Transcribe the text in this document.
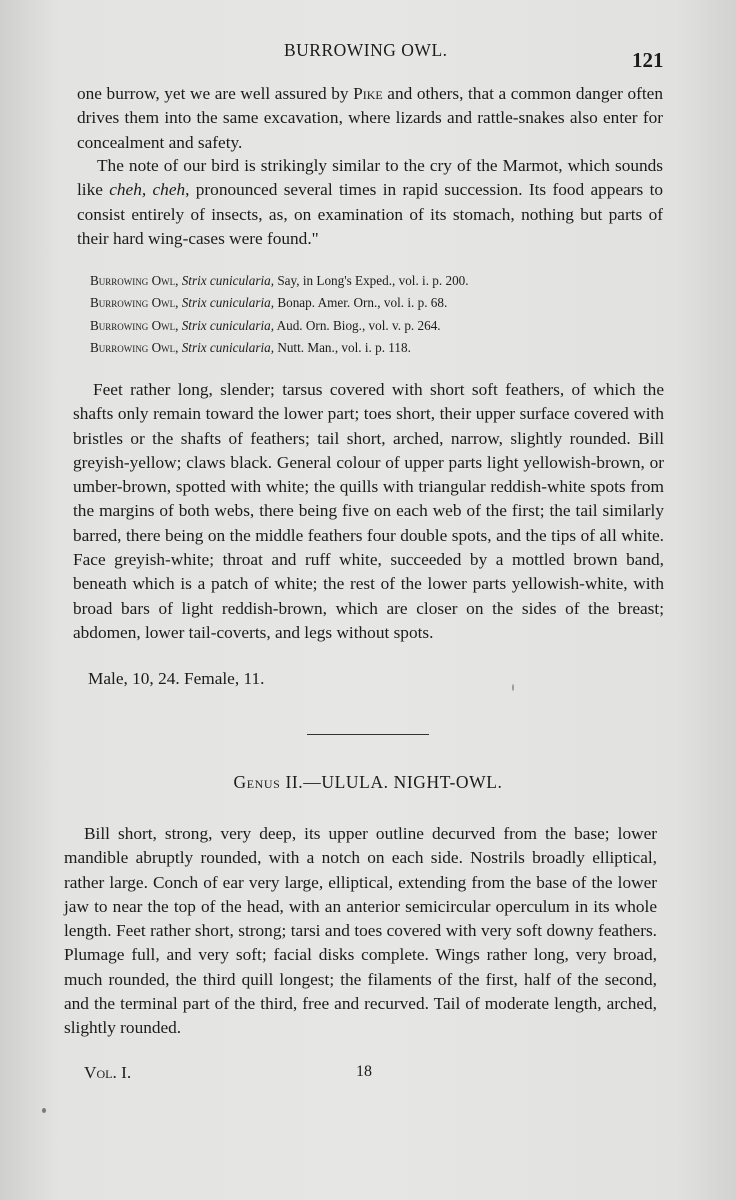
BURROWING OWL.	121

one burrow, yet we are well assured by Pike and others, that a common danger often drives them into the same excavation, where lizards and rattle-snakes also enter for concealment and safety.

The note of our bird is strikingly similar to the cry of the Marmot, which sounds like cheh, cheh, pronounced several times in rapid succession. Its food appears to consist entirely of insects, as, on examination of its stomach, nothing but parts of their hard wing-cases were found."

Burrowing Owl, Strix cunicularia, Say, in Long's Exped., vol. i. p. 200.
Burrowing Owl, Strix cunicularia, Bonap. Amer. Orn., vol. i. p. 68.
Burrowing Owl, Strix cunicularia, Aud. Orn. Biog., vol. v. p. 264.
Burrowing Owl, Strix cunicularia, Nutt. Man., vol. i. p. 118.

Feet rather long, slender; tarsus covered with short soft feathers, of which the shafts only remain toward the lower part; toes short, their upper surface covered with bristles or the shafts of feathers; tail short, arched, narrow, slightly rounded. Bill greyish-yellow; claws black. General colour of upper parts light yellowish-brown, or umber-brown, spotted with white; the quills with triangular reddish-white spots from the margins of both webs, there being five on each web of the first; the tail similarly barred, there being on the middle feathers four double spots, and the tips of all white. Face greyish-white; throat and ruff white, succeeded by a mottled brown band, beneath which is a patch of white; the rest of the lower parts yellowish-white, with broad bars of light reddish-brown, which are closer on the sides of the breast; abdomen, lower tail-coverts, and legs without spots.

Male, 10, 24. Female, 11.

Genus II.—ULULA. NIGHT-OWL.

Bill short, strong, very deep, its upper outline decurved from the base; lower mandible abruptly rounded, with a notch on each side. Nostrils broadly elliptical, rather large. Conch of ear very large, elliptical, extending from the base of the lower jaw to near the top of the head, with an anterior semicircular operculum in its whole length. Feet rather short, strong; tarsi and toes covered with very soft downy feathers. Plumage full, and very soft; facial disks complete. Wings rather long, very broad, much rounded, the third quill longest; the filaments of the first, half of the second, and the terminal part of the third, free and recurved. Tail of moderate length, arched, slightly rounded.

Vol. I.	18
